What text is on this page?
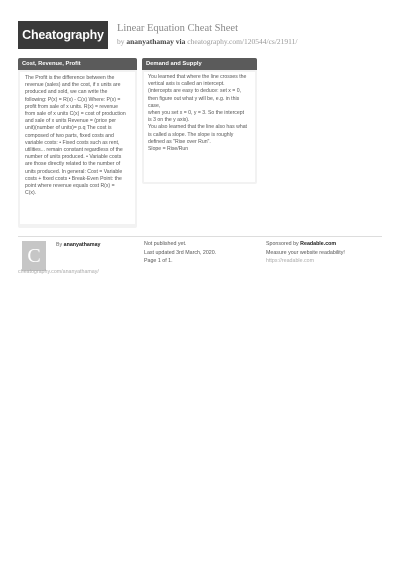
Cheatography	Linear Equation Cheat Sheet
by ananyathamay via cheatography.com/120544/cs/21911/
Cost, Revenue, Profit
The Profit is the difference between the
revenue (sales) and the cost, if x units are
produced and sold, we can write the
following: P(x) = R(x) - C(x) Where: P(x) =
profit from sale of x units. R(x) = revenue
from sale of x units C(x) = cost of production
and sale of x units Revenue = (price per
unit)(number of units)= p.q The cost is
composed of two parts, fixed costs and
variable costs: • Fixed costs such as rent,
utilities... remain constant regardless of the
number of units produced. • Variable costs
are those directly related to the number of
units produced. In general: Cost = Variable
costs + fixed costs • Break-Even Point: the
point where revenue equals cost R(x) =
C(x).
Demand and Supply
You learned that where the line crosses the
vertical axis is called an intercept.
(intercepts are easy to deduce: set x = 0,
then figure out what y will be, e.g. in this
case,
when you set x = 0, y = 3. So the intercept
is 3 on the y axis).
You also learned that the line also has what
is called a slope. The slope is roughly
defined as "Rise over Run".
Slope = Rise/Run
C	By ananyathamay	Not published yet.
Last updated 3rd March, 2020.
Page 1 of 1.
Sponsored by Readable.com
Measure your website readability!
https://readable.com
cheatography.com/ananyathamay/
